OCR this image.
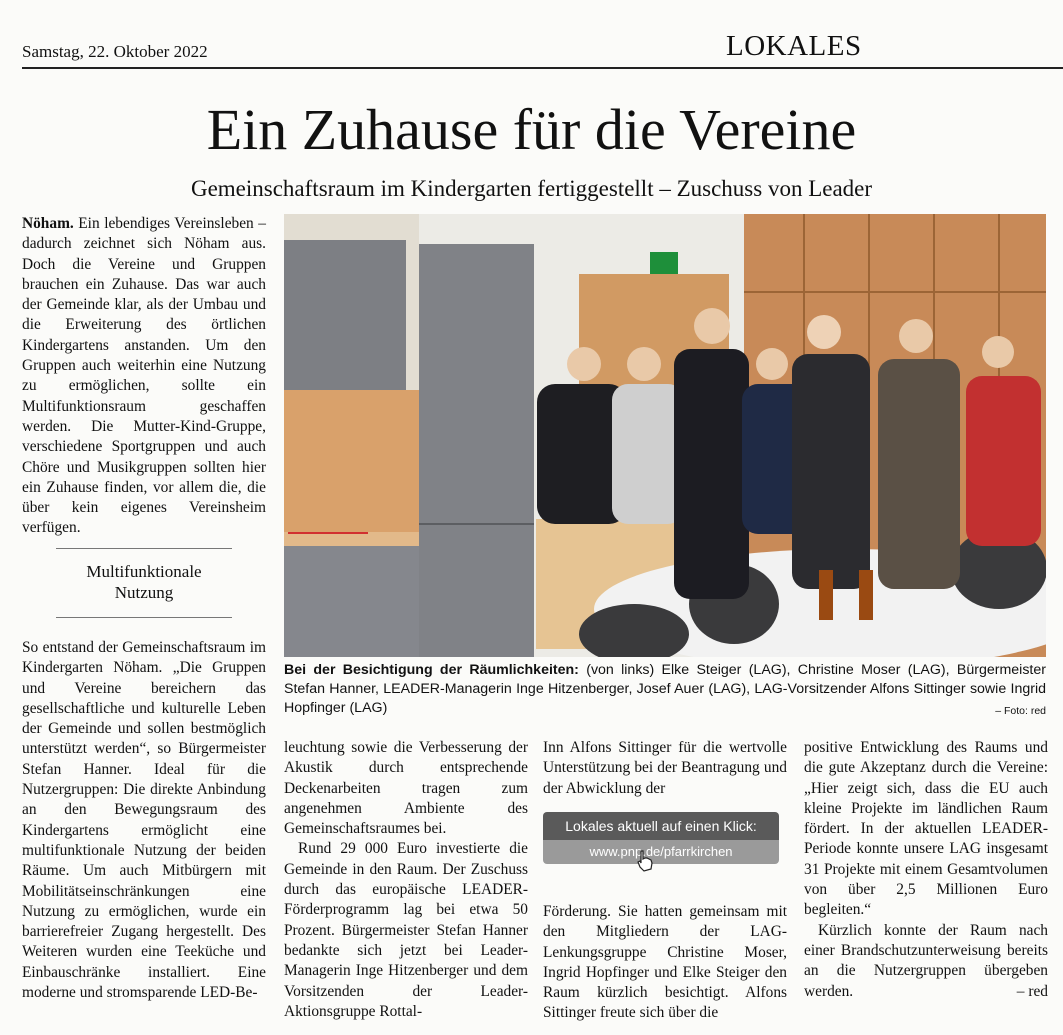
Samstag, 22. Oktober 2022	LOKALES
Ein Zuhause für die Vereine
Gemeinschaftsraum im Kindergarten fertiggestellt – Zuschuss von Leader

Nöham. Ein lebendiges Vereinsleben – dadurch zeichnet sich Nöham aus. Doch die Vereine und Gruppen brauchen ein Zuhause. Das war auch der Gemeinde klar, als der Umbau und die Erweiterung des örtlichen Kindergartens anstanden. Um den Gruppen auch weiterhin eine Nutzung zu ermöglichen, sollte ein Multifunktionsraum geschaffen werden. Die Mutter-Kind-Gruppe, verschiedene Sportgruppen und auch Chöre und Musikgruppen sollten hier ein Zuhause finden, vor allem die, die über kein eigenes Vereinsheim verfügen.

Multifunktionale
Nutzung

So entstand der Gemeinschaftsraum im Kindergarten Nöham. „Die Gruppen und Vereine bereichern das gesellschaftliche und kulturelle Leben der Gemeinde und sollen bestmöglich unterstützt werden“, so Bürgermeister Stefan Hanner. Ideal für die Nutzergruppen: Die direkte Anbindung an den Bewegungsraum des Kindergartens ermöglicht eine multifunktionale Nutzung der beiden Räume. Um auch Mitbürgern mit Mobilitätseinschränkungen eine Nutzung zu ermöglichen, wurde ein barrierefreier Zugang hergestellt. Des Weiteren wurden eine Teeküche und Einbauschränke installiert. Eine moderne und stromsparende LED-Be-

Bei der Besichtigung der Räumlichkeiten: (von links) Elke Steiger (LAG), Christine Moser (LAG), Bürgermeister Stefan Hanner, LEADER-Managerin Inge Hitzenberger, Josef Auer (LAG), LAG-Vorsitzender Alfons Sittinger sowie Ingrid Hopfinger (LAG)	– Foto: red

leuchtung sowie die Verbesserung der Akustik durch entsprechende Deckenarbeiten tragen zum angenehmen Ambiente des Gemeinschaftsraumes bei.

Rund 29 000 Euro investierte die Gemeinde in den Raum. Der Zuschuss durch das europäische LEADER-Förderprogramm lag bei etwa 50 Prozent. Bürgermeister Stefan Hanner bedankte sich jetzt bei Leader-Managerin Inge Hitzenberger und dem Vorsitzenden der Leader-Aktionsgruppe Rottal-

Inn Alfons Sittinger für die wertvolle Unterstützung bei der Beantragung und der Abwicklung der

Lokales aktuell auf einen Klick:
www.pnp.de/pfarrkirchen

Förderung. Sie hatten gemeinsam mit den Mitgliedern der LAG-Lenkungsgruppe Christine Moser, Ingrid Hopfinger und Elke Steiger den Raum kürzlich besichtigt. Alfons Sittinger freute sich über die

positive Entwicklung des Raums und die gute Akzeptanz durch die Vereine: „Hier zeigt sich, dass die EU auch kleine Projekte im ländlichen Raum fördert. In der aktuellen LEADER-Periode konnte unsere LAG insgesamt 31 Projekte mit einem Gesamtvolumen von über 2,5 Millionen Euro begleiten.“

Kürzlich konnte der Raum nach einer Brandschutzunterweisung bereits an die Nutzergruppen übergeben werden.	– red
